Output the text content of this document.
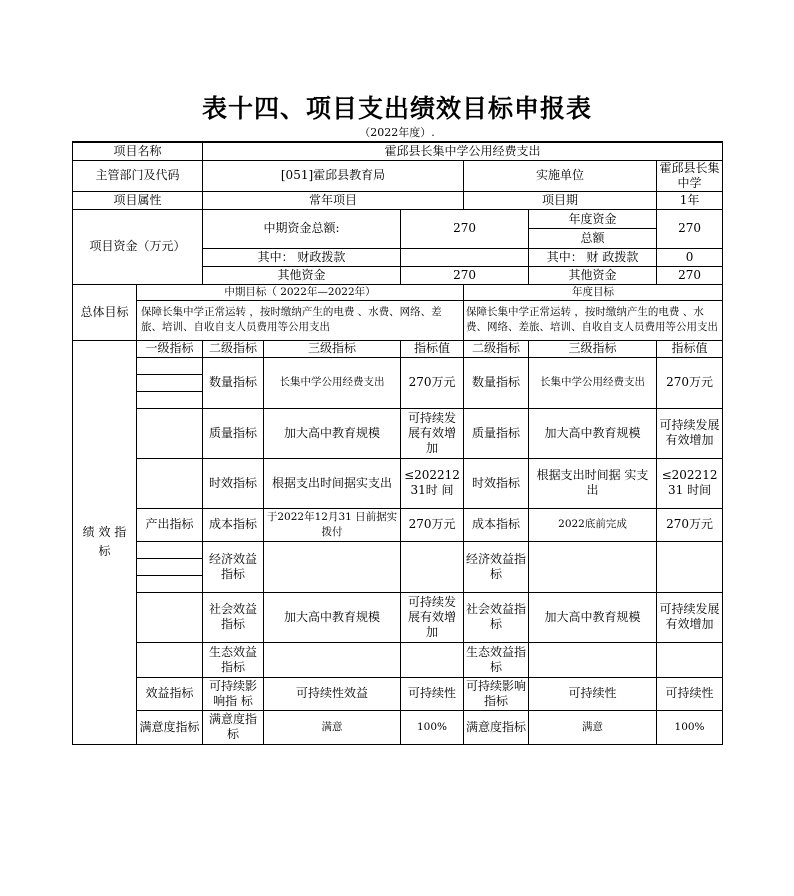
表十四、项目支出绩效目标申报表
（2022年度）.
项目名称		霍邱县长集中学公用经费支出					
主管部门及代码		[051]霍邱县教育局			实施单位		霍邱县长集中学
项目属性		常年项目			项目期		1年
项目资金（万元）		中期资金总额:		270		年度资金
总额	270
		其中： 财政拨款				其中： 财 政拨款	0
		其他资金		270		其他资金	270
总体目标	中期目标（ 2022年—2022年）				年度目标		
	保障长集中学正常运转 ，按时缴纳产生的电费 、水费、网络、差旅、培训、自收自支人员费用等公用支出				保障长集中学正常运转 ，按时缴纳产生的电费 、水费、网络、差旅、培训、自收自支人员费用等公用支出		
绩 效 指 标	一级指标	二级指标	三级指标	指标值	二级指标	三级指标	指标值
		数量指标	长集中学公用经费支出	270万元	数量指标	长集中学公用经费支出	270万元

		质量指标	加大高中教育规模	可持续发展有效增加	质量指标	加大高中教育规模	可持续发展有效增加
		时效指标	根据支出时间据实支出	≤20221231时 间	时效指标	根据支出时间据 实支出	≤20221231 时间
	产出指标	成本指标	于2022年12月31 日前据实拨付	270万元	成本指标	2022底前完成	270万元
		经济效益指标			经济效益指标		

		社会效益指标	加大高中教育规模	可持续发展有效增加	社会效益指标	加大高中教育规模	可持续发展有效增加
		生态效益指标			生态效益指标		
	效益指标	可持续影响指 标	可持续性效益	可持续性	可持续影响指标	可持续性	可持续性
	满意度指标	满意度指标	满意	100%	满意度指标	满意	100%
